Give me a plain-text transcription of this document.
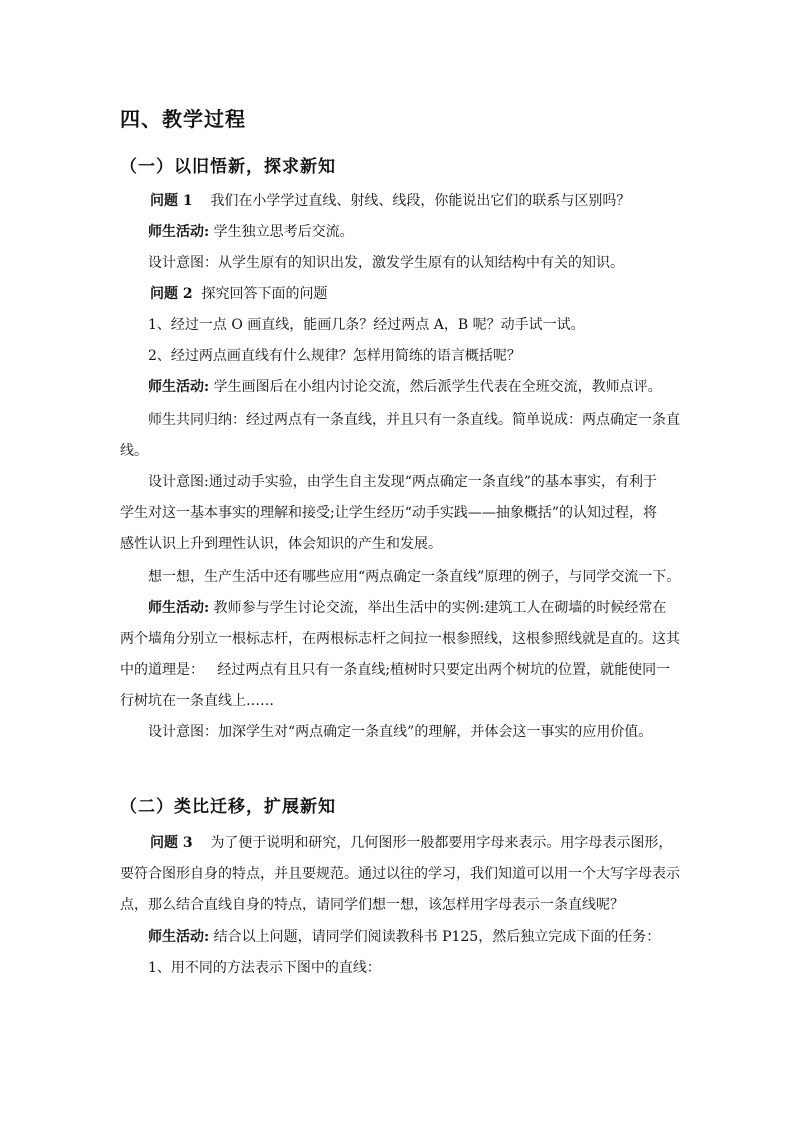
四、教学过程
（一）以旧悟新，探求新知
问题 1 我们在小学学过直线、射线、线段，你能说出它们的联系与区别吗？
师生活动: 学生独立思考后交流。
设计意图：从学生原有的知识出发，激发学生原有的认知结构中有关的知识。
问题 2 探究回答下面的问题
1、经过一点 O 画直线，能画几条？经过两点 A，B 呢？动手试一试。
2、经过两点画直线有什么规律？怎样用简练的语言概括呢？
师生活动: 学生画图后在小组内讨论交流，然后派学生代表在全班交流，教师点评。
师生共同归纳：经过两点有一条直线，并且只有一条直线。简单说成：两点确定一条直
线。
设计意图:通过动手实验，由学生自主发现“两点确定一条直线”的基本事实，有利于
学生对这一基本事实的理解和接受;让学生经历“动手实践——抽象概括”的认知过程，将
感性认识上升到理性认识，体会知识的产生和发展。
想一想，生产生活中还有哪些应用“两点确定一条直线”原理的例子，与同学交流一下。
师生活动: 教师参与学生讨论交流，举出生活中的实例:建筑工人在砌墙的时候经常在
两个墙角分别立一根标志杆，在两根标志杆之间拉一根参照线，这根参照线就是直的。这其
中的道理是：   经过两点有且只有一条直线;植树时只要定出两个树坑的位置，就能使同一
行树坑在一条直线上……
设计意图：加深学生对“两点确定一条直线”的理解，并体会这一事实的应用价值。
（二）类比迁移，扩展新知
问题 3 为了便于说明和研究，几何图形一般都要用字母来表示。用字母表示图形，
要符合图形自身的特点，并且要规范。通过以往的学习，我们知道可以用一个大写字母表示
点，那么结合直线自身的特点，请同学们想一想，该怎样用字母表示一条直线呢？
师生活动: 结合以上问题，请同学们阅读教科书 P125，然后独立完成下面的任务：
1、用不同的方法表示下图中的直线：
